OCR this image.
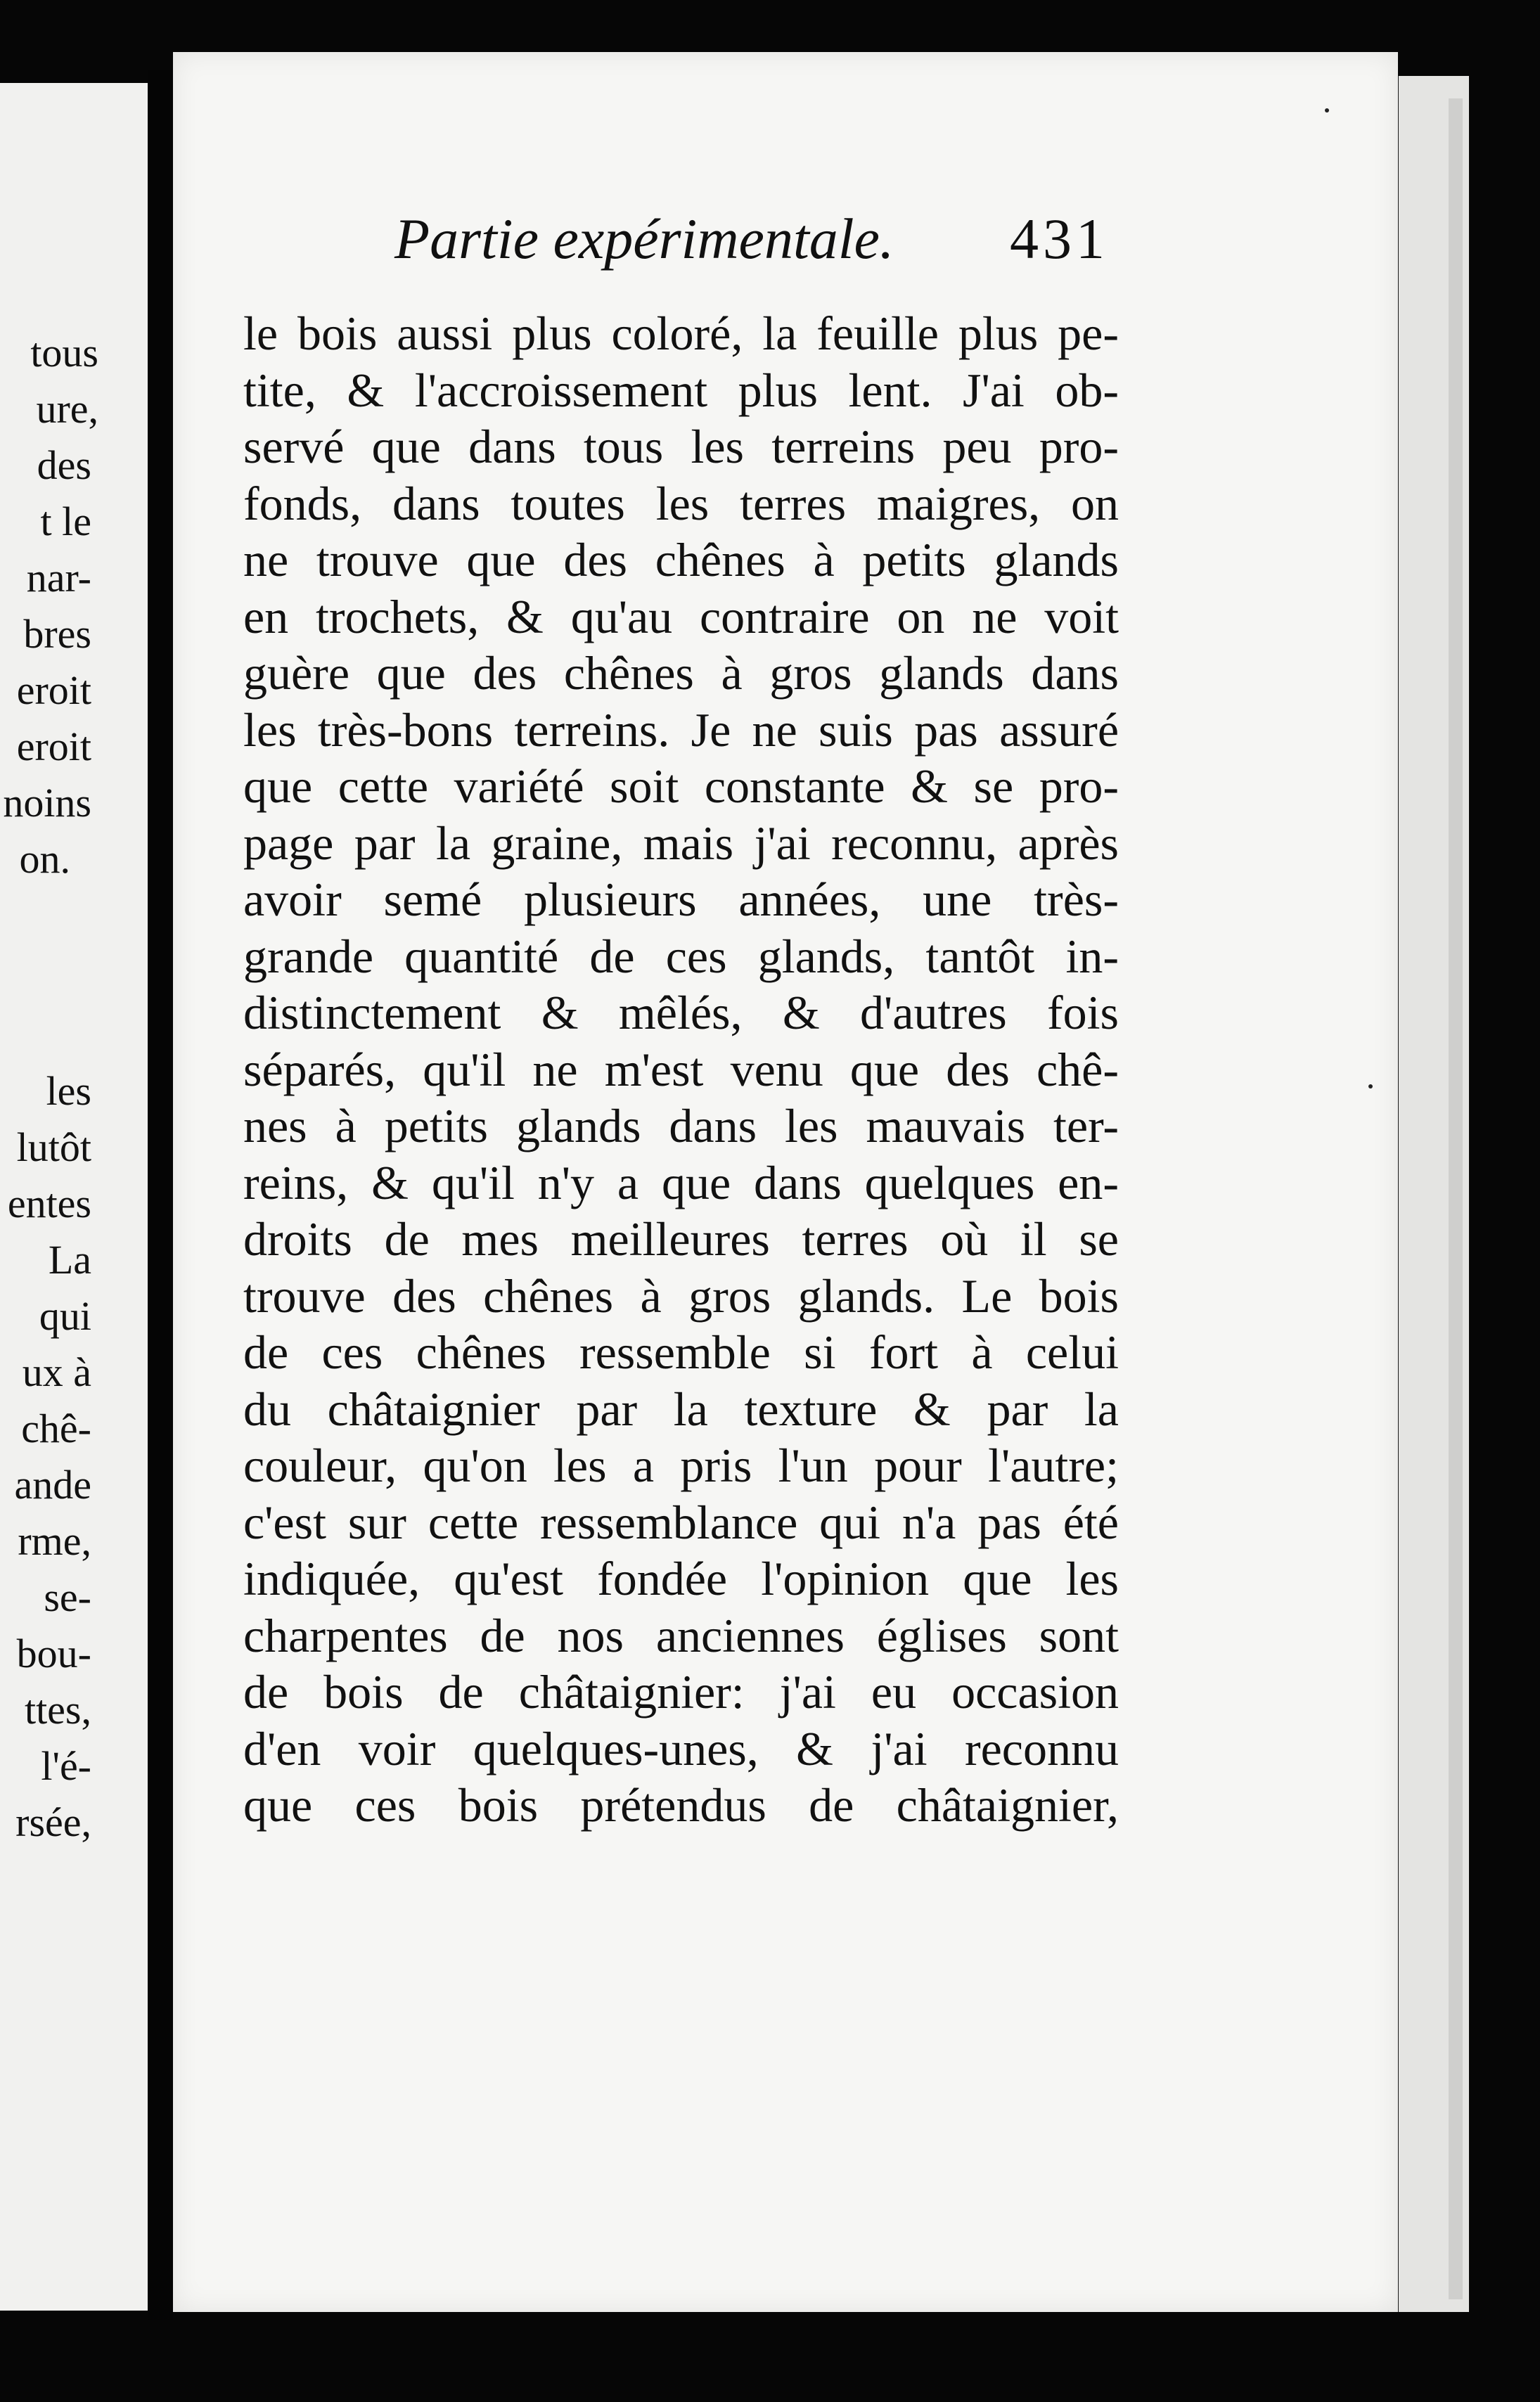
tous
ure,
des
t le
nar-
bres
eroit
eroit
noins
on.
les
lutôt
entes
La
qui
ux à
chê-
ande
rme,
se-
bou-
ttes,
l'é-
rsée,
Partie expérimentale. 431
le bois aussi plus coloré, la feuille plus pe-
tite, & l'accroissement plus lent. J'ai ob-
servé que dans tous les terreins peu pro-
fonds, dans toutes les terres maigres, on
ne trouve que des chênes à petits glands
en trochets, & qu'au contraire on ne voit
guère que des chênes à gros glands dans
les très-bons terreins. Je ne suis pas assuré
que cette variété soit constante & se pro-
page par la graine, mais j'ai reconnu, après
avoir semé plusieurs années, une très-
grande quantité de ces glands, tantôt in-
distinctement & mêlés, & d'autres fois
séparés, qu'il ne m'est venu que des chê-
nes à petits glands dans les mauvais ter-
reins, & qu'il n'y a que dans quelques en-
droits de mes meilleures terres où il se
trouve des chênes à gros glands. Le bois
de ces chênes ressemble si fort à celui
du châtaignier par la texture & par la
couleur, qu'on les a pris l'un pour l'autre;
c'est sur cette ressemblance qui n'a pas été
indiquée, qu'est fondée l'opinion que les
charpentes de nos anciennes églises sont
de bois de châtaignier: j'ai eu occasion
d'en voir quelques-unes, & j'ai reconnu
que ces bois prétendus de châtaignier,
